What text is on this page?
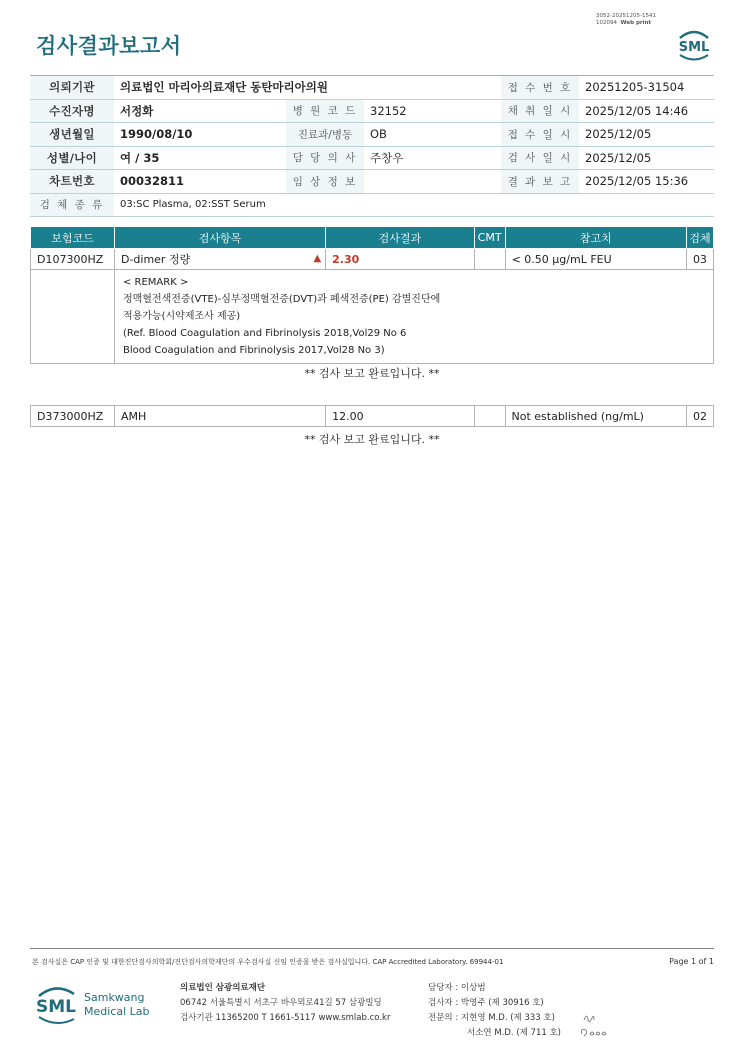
검사결과보고서
3052-20251205-1541
102094 Web print
SML
의뢰기관	의료법인 마리아의료재단 동탄마리아의원			접 수 번 호	20251205-31504
수진자명	서정화	병 원 코 드	32152	채 취 일 시	2025/12/05 14:46
생년월일	1990/08/10	진료과/병동	OB	접 수 일 시	2025/12/05
성별/나이	여 / 35	담 당 의 사	주창우	검 사 일 시	2025/12/05
차트번호	00032811	임 상 정 보		결 과 보 고	2025/12/05 15:36
검 체 종 류	03:SC Plasma, 02:SST Serum				
보험코드	검사항목	검사결과	CMT	참고치	검체
D107300HZ	D-dimer 정량 ▲	2.30		< 0.50 µg/mL FEU	03

	< REMARK >
정맥혈전색전증(VTE)-심부정맥혈전증(DVT)과 폐색전증(PE) 감별진단에
적용가능(시약제조사 제공)
(Ref. Blood Coagulation and Fibrinolysis 2018,Vol29 No 6
Blood Coagulation and Fibrinolysis 2017,Vol28 No 3)				
** 검사 보고 완료입니다. **
D373000HZ	AMH	12.00		Not established (ng/mL)	02
** 검사 보고 완료입니다. **
본 검사실은 CAP 인증 및 대한진단검사의학회/진단검사의학재단의 우수검사실 신임 인증을 받은 검사실입니다. CAP Accredited Laboratory. 69944-01	Page 1 of 1
SML Samkwang
Medical Lab
의료법인 삼광의료재단
06742 서울특별시 서초구 바우뫼로41길 57 삼광빌딩
검사기관 11365200 T 1661-5117 www.smlab.co.kr
담당자 : 이상범
검사자 : 박영주 (제 30916 호)
전문의 : 지현영 M.D. (제 333 호)
서소연 M.D. (제 711 호)
